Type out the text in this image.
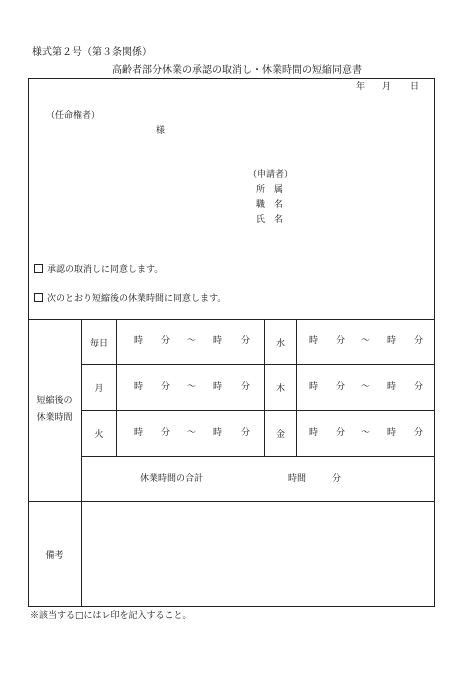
様式第２号（第３条関係）
高齢者部分休業の承認の取消し・休業時間の短縮同意書
年 月 日
（任命権者）
様
（申請者）
所　属
職　名
氏　名
承認の取消しに同意します。
次のとおり短縮後の休業時間に同意します。
短縮後の
休業時間
毎日	時 分 ～ 時 分	水	時 分 ～ 時 分
月	時 分 ～ 時 分	木	時 分 ～ 時 分
火	時 分 ～ 時 分	金	時 分 ～ 時 分
休業時間の合計	時間	分
備考
※該当する□にはレ印を記入すること。
